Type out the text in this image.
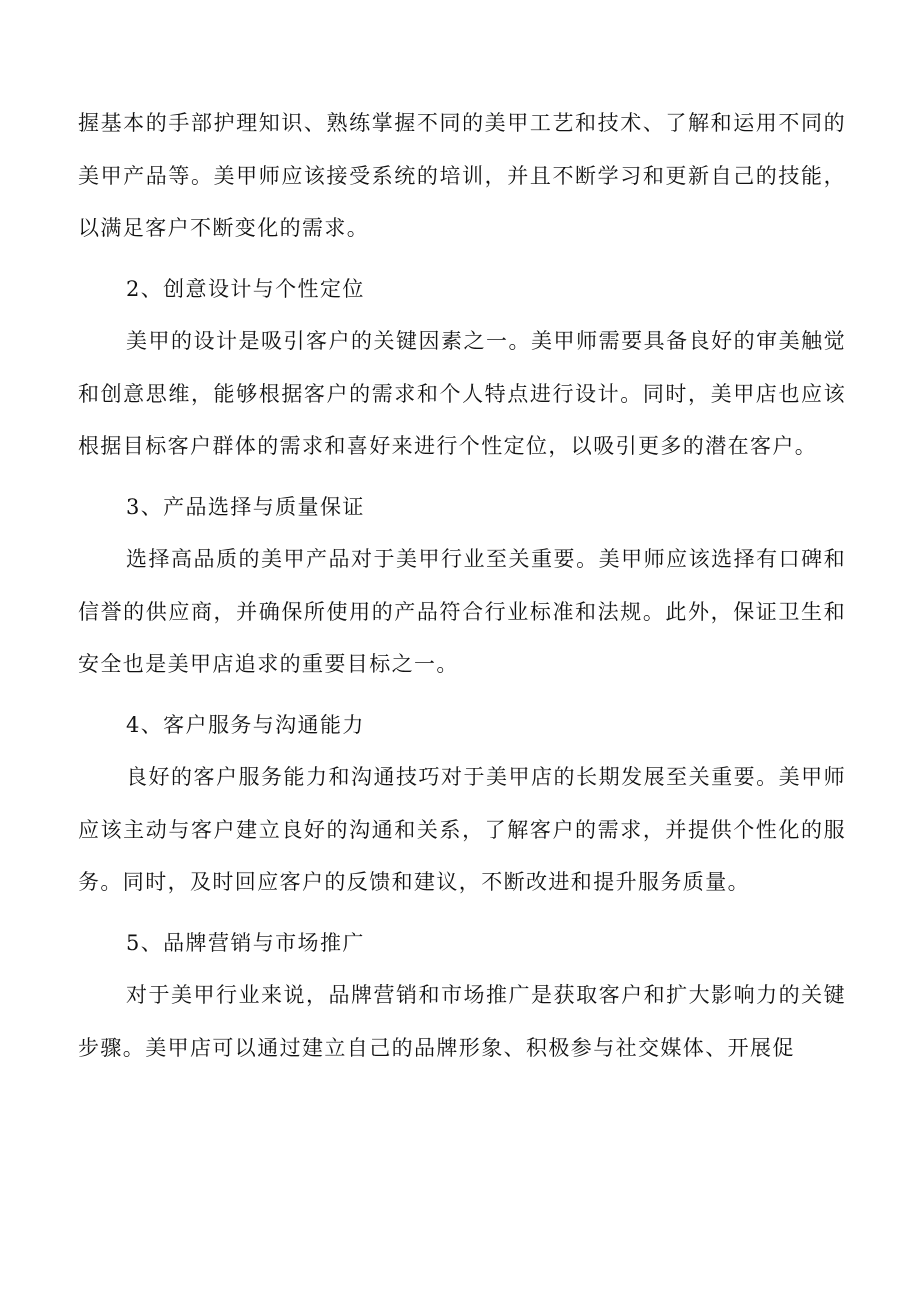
握基本的手部护理知识、熟练掌握不同的美甲工艺和技术、了解和运用不同的美甲产品等。美甲师应该接受系统的培训，并且不断学习和更新自己的技能，以满足客户不断变化的需求。

2、创意设计与个性定位

美甲的设计是吸引客户的关键因素之一。美甲师需要具备良好的审美触觉和创意思维，能够根据客户的需求和个人特点进行设计。同时，美甲店也应该根据目标客户群体的需求和喜好来进行个性定位，以吸引更多的潜在客户。

3、产品选择与质量保证

选择高品质的美甲产品对于美甲行业至关重要。美甲师应该选择有口碑和信誉的供应商，并确保所使用的产品符合行业标准和法规。此外，保证卫生和安全也是美甲店追求的重要目标之一。

4、客户服务与沟通能力

良好的客户服务能力和沟通技巧对于美甲店的长期发展至关重要。美甲师应该主动与客户建立良好的沟通和关系，了解客户的需求，并提供个性化的服务。同时，及时回应客户的反馈和建议，不断改进和提升服务质量。

5、品牌营销与市场推广

对于美甲行业来说，品牌营销和市场推广是获取客户和扩大影响力的关键步骤。美甲店可以通过建立自己的品牌形象、积极参与社交媒体、开展促
